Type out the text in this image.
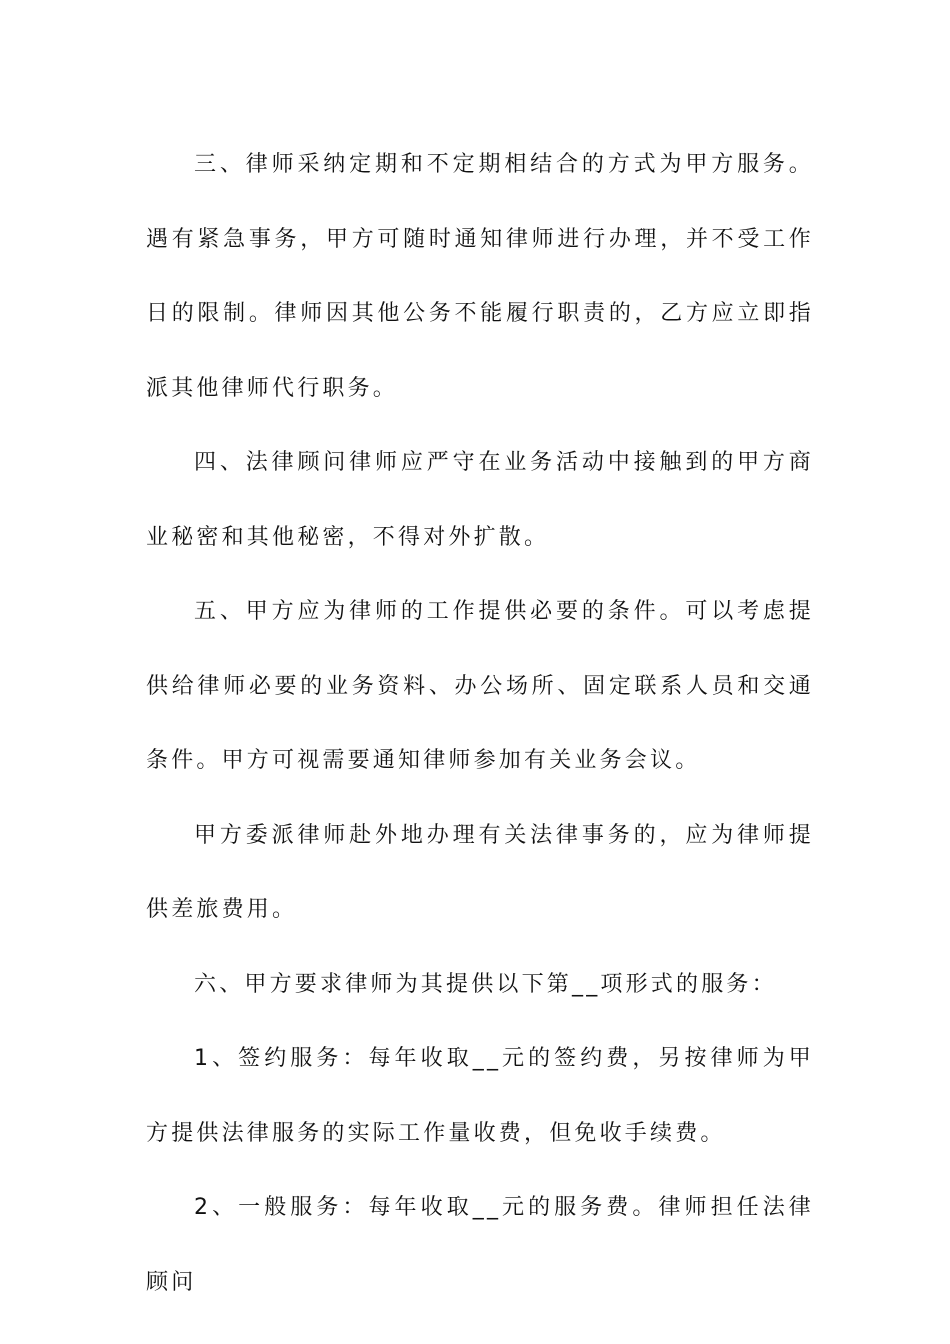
三、律师采纳定期和不定期相结合的方式为甲方服务。遇有紧急事务，甲方可随时通知律师进行办理，并不受工作日的限制。律师因其他公务不能履行职责的，乙方应立即指派其他律师代行职务。

四、法律顾问律师应严守在业务活动中接触到的甲方商业秘密和其他秘密，不得对外扩散。

五、甲方应为律师的工作提供必要的条件。可以考虑提供给律师必要的业务资料、办公场所、固定联系人员和交通条件。甲方可视需要通知律师参加有关业务会议。

甲方委派律师赴外地办理有关法律事务的，应为律师提供差旅费用。

六、甲方要求律师为其提供以下第__项形式的服务：

1、签约服务：每年收取__元的签约费，另按律师为甲方提供法律服务的实际工作量收费，但免收手续费。

2、一般服务：每年收取__元的服务费。律师担任法律顾问
